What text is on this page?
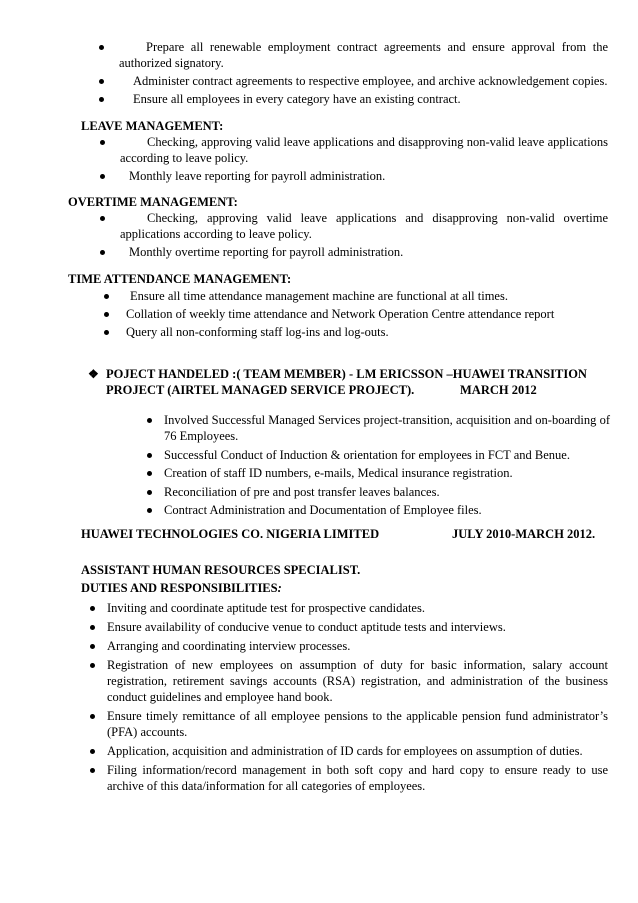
Prepare all renewable employment contract agreements and ensure approval from the authorized signatory.
Administer contract agreements to respective employee, and archive acknowledgement copies.
Ensure all employees in every category have an existing contract.
LEAVE MANAGEMENT:
Checking, approving valid leave applications and disapproving non-valid leave applications according to leave policy.
Monthly leave reporting for payroll administration.
OVERTIME MANAGEMENT:
Checking, approving valid leave applications and disapproving non-valid overtime applications according to leave policy.
Monthly overtime reporting for payroll administration.
TIME ATTENDANCE MANAGEMENT:
Ensure all time attendance management machine are functional at all times.
Collation of weekly time attendance and Network Operation Centre attendance report
Query all non-conforming staff log-ins and log-outs.
❖ POJECT HANDELED :( TEAM MEMBER) - LM ERICSSON –HUAWEI TRANSITION
PROJECT (AIRTEL MANAGED SERVICE PROJECT).	MARCH 2012
Involved Successful Managed Services project-transition, acquisition and on-boarding of 76 Employees.
Successful Conduct of Induction & orientation for employees in FCT and Benue.
Creation of staff ID numbers, e-mails, Medical insurance registration.
Reconciliation of pre and post transfer leaves balances.
Contract Administration and Documentation of Employee files.
HUAWEI TECHNOLOGIES CO. NIGERIA LIMITED	JULY 2010-MARCH 2012.
ASSISTANT HUMAN RESOURCES SPECIALIST.
DUTIES AND RESPONSIBILITIES:
Inviting and coordinate aptitude test for prospective candidates.
Ensure availability of conducive venue to conduct aptitude tests and interviews.
Arranging and coordinating interview processes.
Registration of new employees on assumption of duty for basic information, salary account registration, retirement savings accounts (RSA) registration, and administration of the business conduct guidelines and employee hand book.
Ensure timely remittance of all employee pensions to the applicable pension fund administrator’s (PFA) accounts.
Application, acquisition and administration of ID cards for employees on assumption of duties.
Filing information/record management in both soft copy and hard copy to ensure ready to use archive of this data/information for all categories of employees.
